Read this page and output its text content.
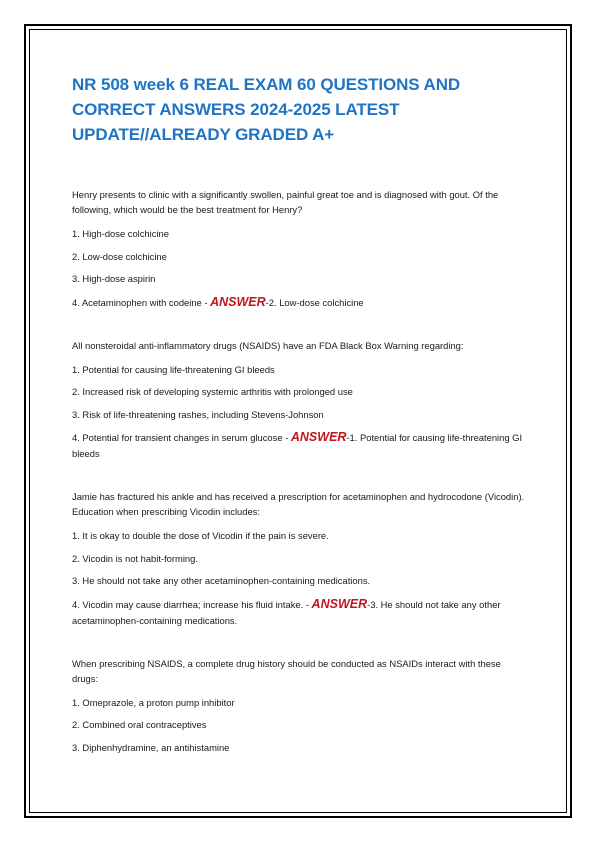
NR 508 week 6 REAL EXAM 60 QUESTIONS AND CORRECT ANSWERS 2024-2025 LATEST UPDATE//ALREADY GRADED A+

Henry presents to clinic with a significantly swollen, painful great toe and is diagnosed with gout. Of the following, which would be the best treatment for Henry?

1. High-dose colchicine

2. Low-dose colchicine

3. High-dose aspirin

4. Acetaminophen with codeine - ANSWER-2. Low-dose colchicine

All nonsteroidal anti-inflammatory drugs (NSAIDS) have an FDA Black Box Warning regarding:

1. Potential for causing life-threatening GI bleeds

2. Increased risk of developing systemic arthritis with prolonged use

3. Risk of life-threatening rashes, including Stevens-Johnson

4. Potential for transient changes in serum glucose - ANSWER-1. Potential for causing life-threatening GI bleeds

Jamie has fractured his ankle and has received a prescription for acetaminophen and hydrocodone (Vicodin). Education when prescribing Vicodin includes:

1. It is okay to double the dose of Vicodin if the pain is severe.

2. Vicodin is not habit-forming.

3. He should not take any other acetaminophen-containing medications.

4. Vicodin may cause diarrhea; increase his fluid intake. - ANSWER-3. He should not take any other acetaminophen-containing medications.

When prescribing NSAIDS, a complete drug history should be conducted as NSAIDs interact with these drugs:

1. Omeprazole, a proton pump inhibitor

2. Combined oral contraceptives

3. Diphenhydramine, an antihistamine
